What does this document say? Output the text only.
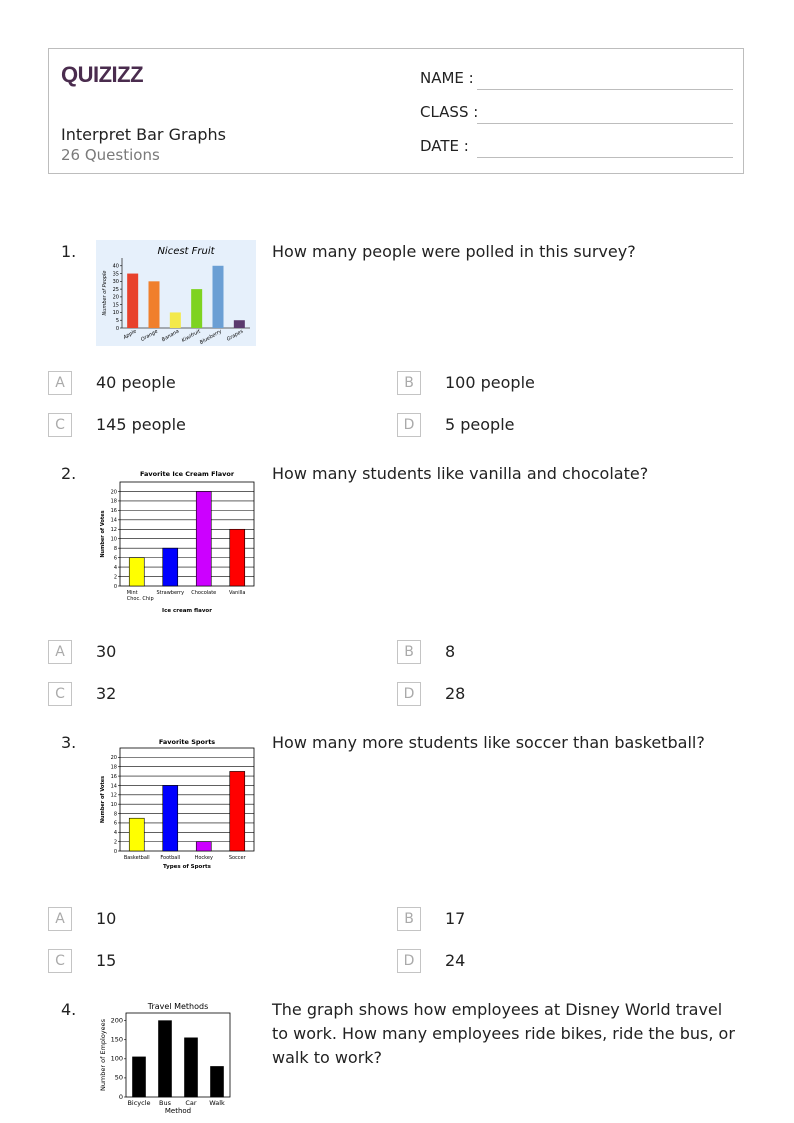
QUIZIZZ
Interpret Bar Graphs
26 Questions
NAME :
CLASS :
DATE :
1.	Nicest Fruit
0
5
10
15
20
25
30
35
40
Number of People
Apple Orange Banana Kiwifruit
Blueberry Grapes
How many people were polled in this survey?
A	40 people	B	100 people
C	145 people	D	5 people
2.	Favorite Ice Cream Flavor
0
2
4
6
8
10
12
14
16
18
20
Number of Votes
Mint
Choc. Chip
Strawberry Chocolate	Vanilla
Ice cream flavor
How many students like vanilla and chocolate?
A	30	B	8
C	32	D	28
3.	Favorite Sports
0
2
4
6
8
10
12
14
16
18
20
Number of Votes
Basketball Football	Hockey	Soccer
Types of Sports
How many more students like soccer than basketball?
A	10	B	17
C	15	D	24
4.	Travel Methods
0
50
100
150
200
Number of Employees
Bicycle Bus Car Walk
Method
The graph shows how employees at Disney World travel to work. How many employees ride bikes, ride the bus, or walk to work?
